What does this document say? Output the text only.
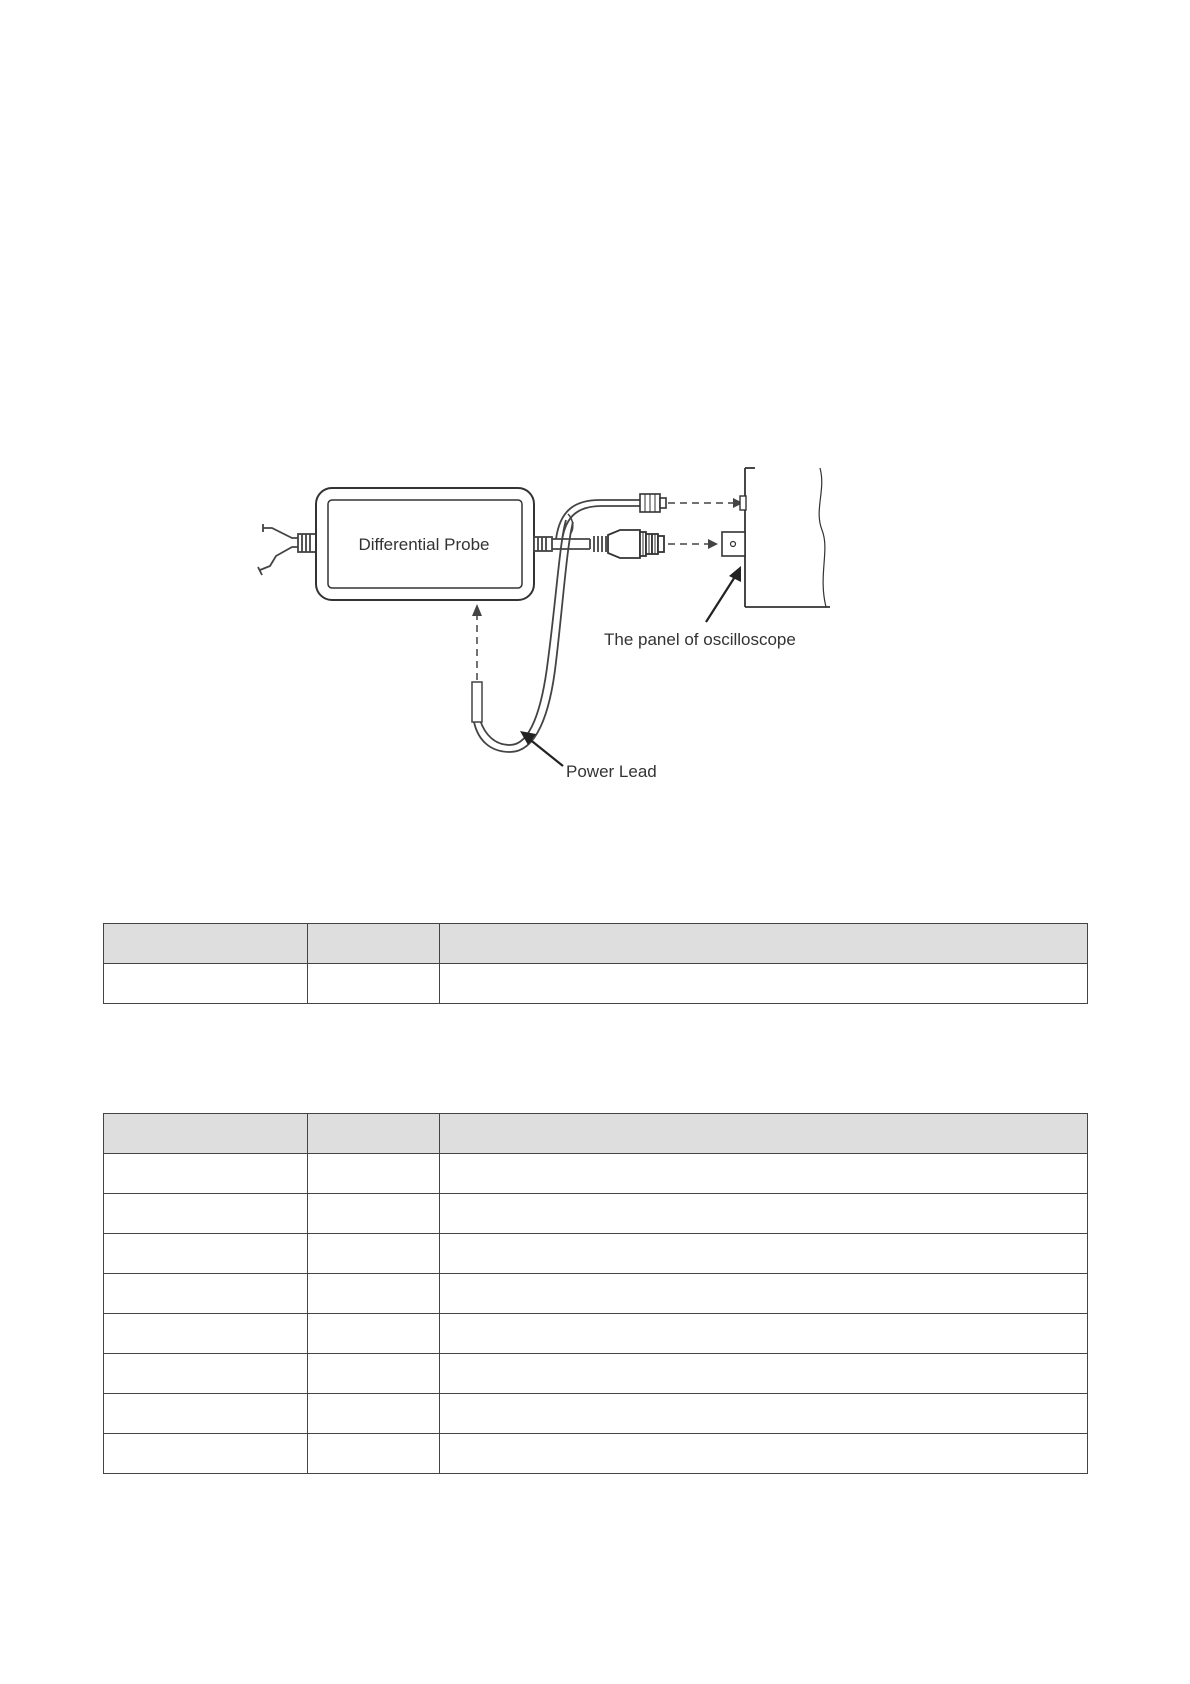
Differential Probe
The panel of oscilloscope
Power Lead
